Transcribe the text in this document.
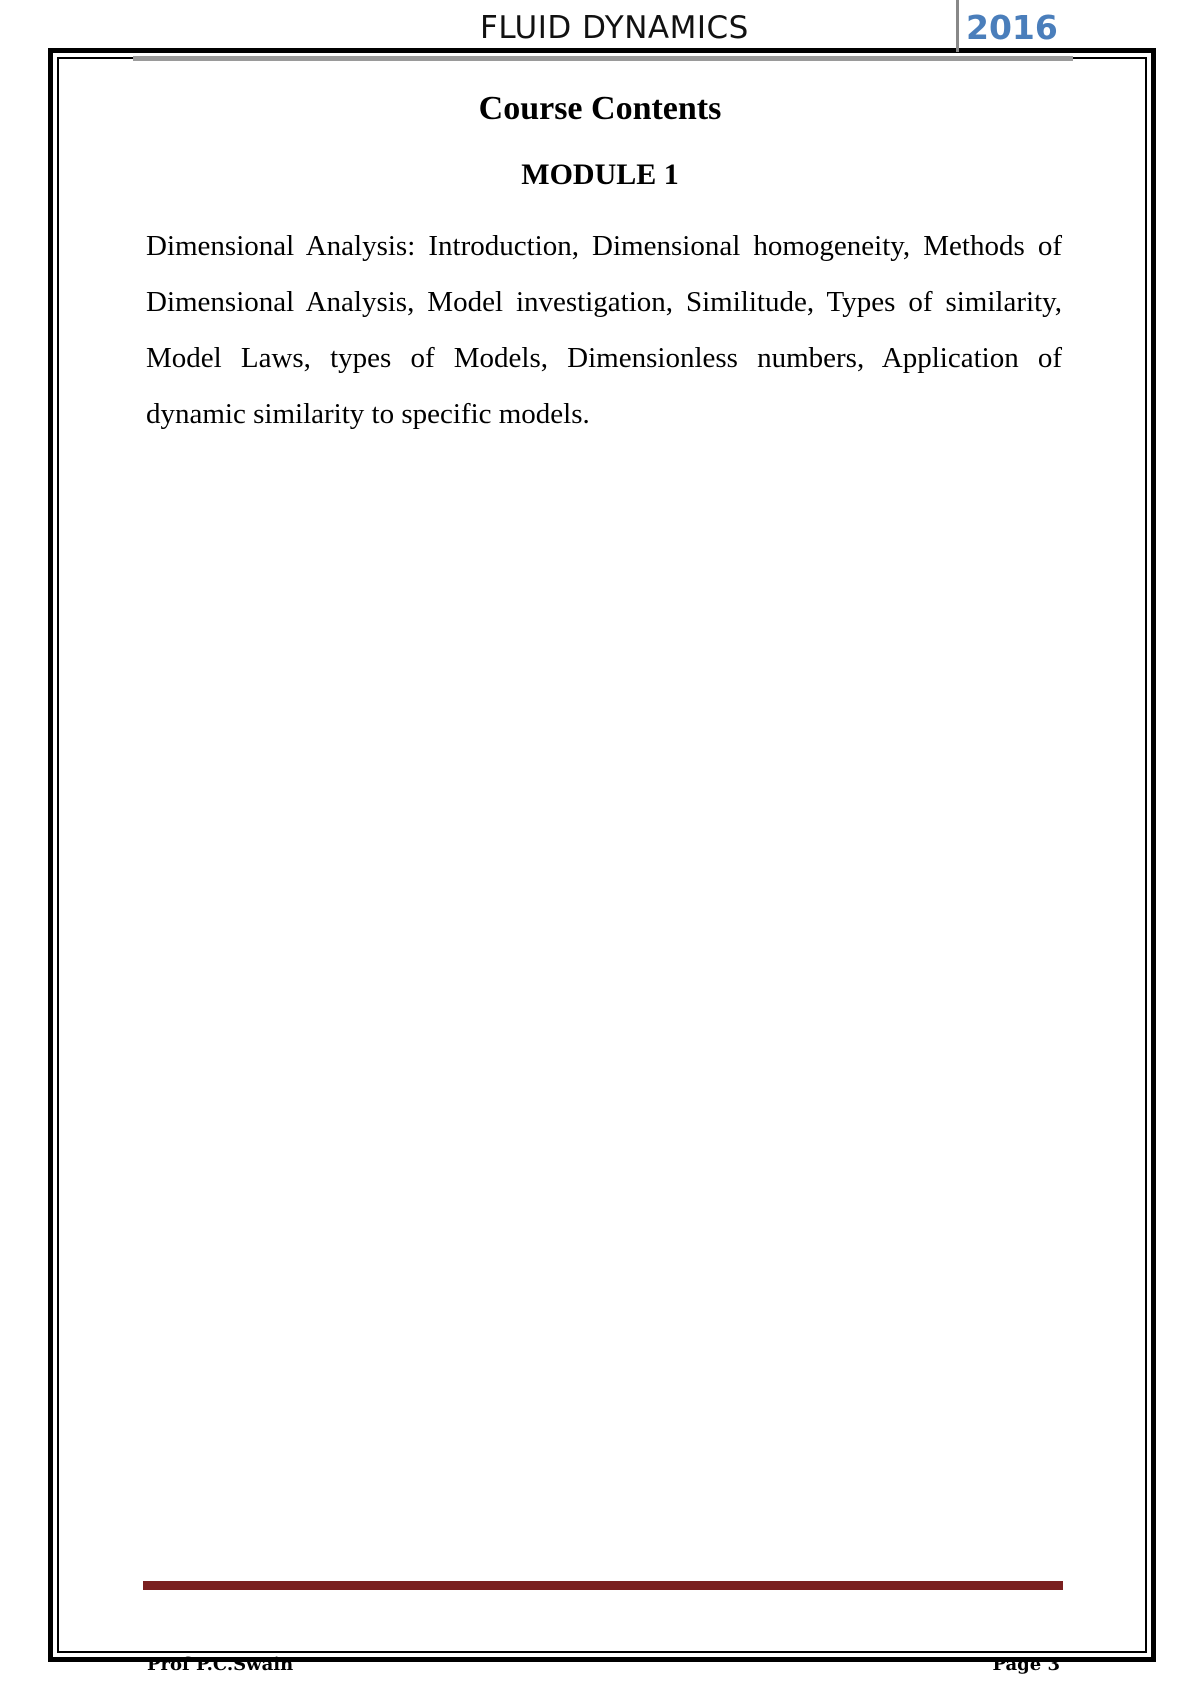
FLUID DYNAMICS	2016
Course Contents
MODULE 1

Dimensional Analysis: Introduction, Dimensional homogeneity, Methods of Dimensional Analysis, Model investigation, Similitude, Types of similarity, Model Laws, types of Models, Dimensionless numbers, Application of dynamic similarity to specific models.

Prof P.C.Swain	Page 3
